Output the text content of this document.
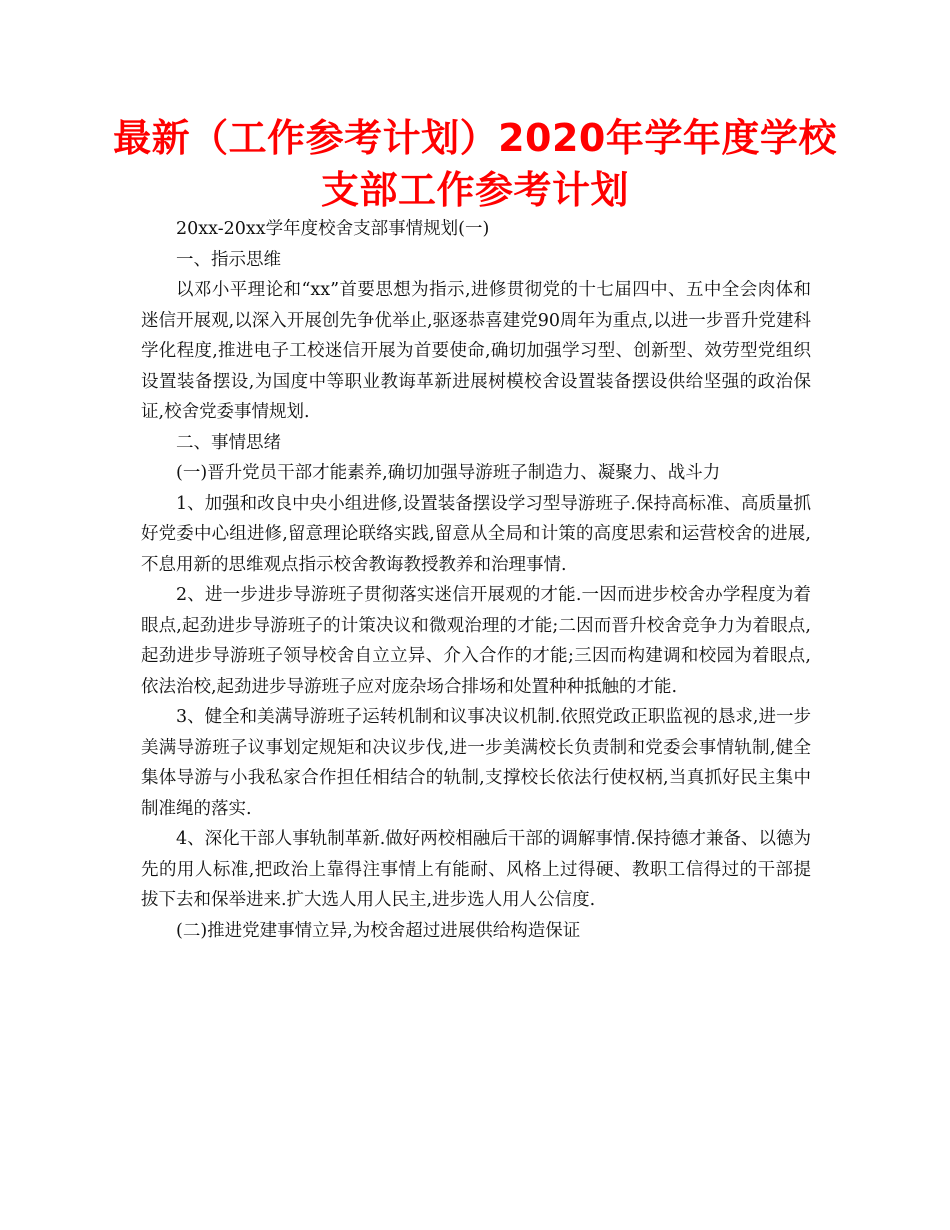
最新（工作参考计划）2020年学年度学校支部工作参考计划

20xx-20xx学年度校舍支部事情规划(一)

一、指示思维

以邓小平理论和“xx”首要思想为指示,进修贯彻党的十七届四中、五中全会肉体和迷信开展观,以深入开展创先争优举止,驱逐恭喜建党90周年为重点,以进一步晋升党建科学化程度,推进电子工校迷信开展为首要使命,确切加强学习型、创新型、效劳型党组织设置装备摆设,为国度中等职业教诲革新进展树模校舍设置装备摆设供给坚强的政治保证,校舍党委事情规划.

二、事情思绪

(一)晋升党员干部才能素养,确切加强导游班子制造力、凝聚力、战斗力

1、加强和改良中央小组进修,设置装备摆设学习型导游班子.保持高标准、高质量抓好党委中心组进修,留意理论联络实践,留意从全局和计策的高度思索和运营校舍的进展,不息用新的思维观点指示校舍教诲教授教养和治理事情.

2、进一步进步导游班子贯彻落实迷信开展观的才能.一因而进步校舍办学程度为着眼点,起劲进步导游班子的计策决议和微观治理的才能;二因而晋升校舍竞争力为着眼点,起劲进步导游班子领导校舍自立立异、介入合作的才能;三因而构建调和校园为着眼点,依法治校,起劲进步导游班子应对庞杂场合排场和处置种种抵触的才能.

3、健全和美满导游班子运转机制和议事决议机制.依照党政正职监视的恳求,进一步美满导游班子议事划定规矩和决议步伐,进一步美满校长负责制和党委会事情轨制,健全集体导游与小我私家合作担任相结合的轨制,支撑校长依法行使权柄,当真抓好民主集中制准绳的落实.

4、深化干部人事轨制革新.做好两校相融后干部的调解事情.保持德才兼备、以德为先的用人标准,把政治上靠得注事情上有能耐、风格上过得硬、教职工信得过的干部提拔下去和保举进来.扩大选人用人民主,进步选人用人公信度.

(二)推进党建事情立异,为校舍超过进展供给构造保证
